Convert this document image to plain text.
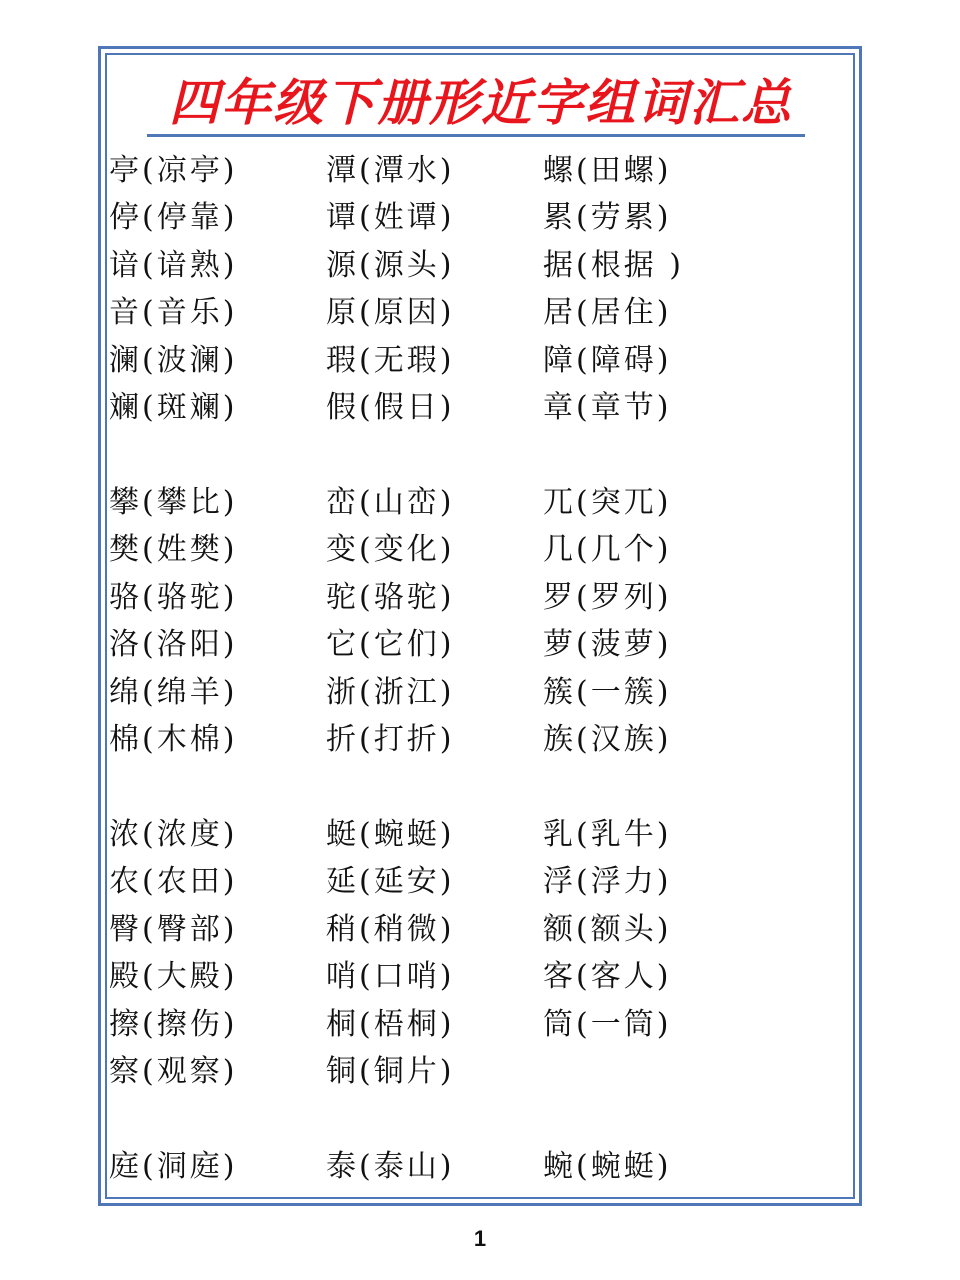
四年级下册形近字组词汇总
亭(凉亭)	潭(潭水)	螺(田螺)
停(停靠)	谭(姓谭)	累(劳累)
谙(谙熟)	源(源头)	据(根据 )
音(音乐)	原(原因)	居(居住)
澜(波澜)	瑕(无瑕)	障(障碍)
斓(斑斓)	假(假日)	章(章节)
攀(攀比)	峦(山峦)	兀(突兀)
樊(姓樊)	变(变化)	几(几个)
骆(骆驼)	驼(骆驼)	罗(罗列)
洛(洛阳)	它(它们)	萝(菠萝)
绵(绵羊)	浙(浙江)	簇(一簇)
棉(木棉)	折(打折)	族(汉族)
浓(浓度)	蜓(蜿蜓)	乳(乳牛)
农(农田)	延(延安)	浮(浮力)
臀(臀部)	稍(稍微)	额(额头)
殿(大殿)	哨(口哨)	客(客人)
擦(擦伤)	桐(梧桐)	筒(一筒)
察(观察)	铜(铜片)
庭(洞庭)	泰(泰山)	蜿(蜿蜓)
1
